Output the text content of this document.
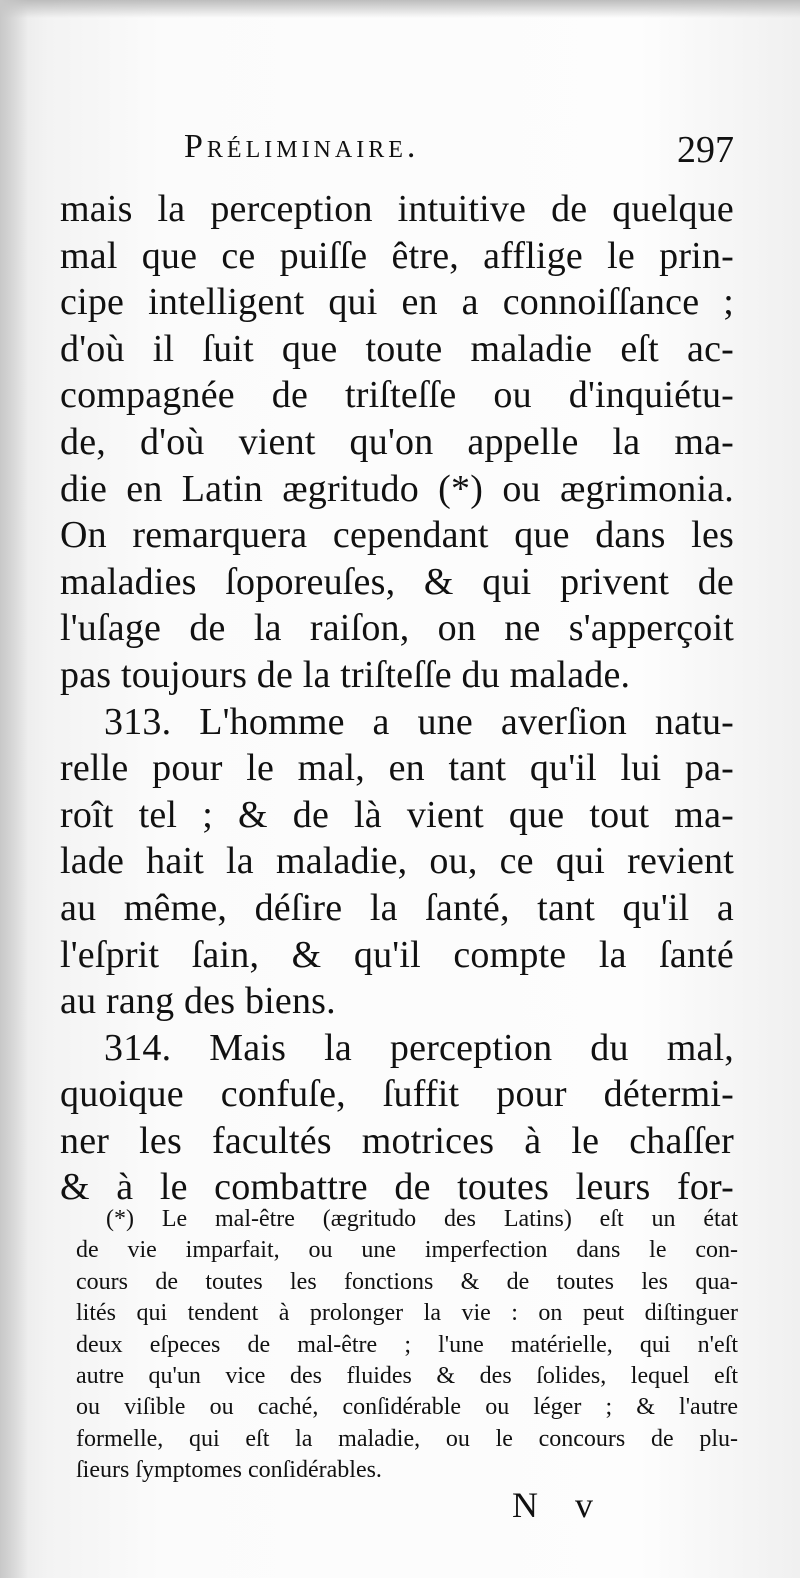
Préliminaire.	297
mais la perception intuitive de quelque
mal que ce puiſſe être, afflige le prin-
cipe intelligent qui en a connoiſſance ;
d'où il ſuit que toute maladie eſt ac-
compagnée de triſteſſe ou d'inquiétu-
de, d'où vient qu'on appelle la ma-
die en Latin ægritudo (*) ou ægrimonia.
On remarquera cependant que dans les
maladies ſoporeuſes, & qui privent de
l'uſage de la raiſon, on ne s'apperçoit
pas toujours de la triſteſſe du malade.
313. L'homme a une averſion natu-
relle pour le mal, en tant qu'il lui pa-
roît tel ; & de là vient que tout ma-
lade hait la maladie, ou, ce qui revient
au même, déſire la ſanté, tant qu'il a
l'eſprit ſain, & qu'il compte la ſanté
au rang des biens.
314. Mais la perception du mal,
quoique confuſe, ſuffit pour détermi-
ner les facultés motrices à le chaſſer
& à le combattre de toutes leurs for-
(*) Le mal-être (ægritudo des Latins) eſt un état
de vie imparfait, ou une imperfection dans le con-
cours de toutes les fonctions & de toutes les qua-
lités qui tendent à prolonger la vie : on peut diſtinguer
deux eſpeces de mal-être ; l'une matérielle, qui n'eſt
autre qu'un vice des fluides & des ſolides, lequel eſt
ou viſible ou caché, conſidérable ou léger ; & l'autre
formelle, qui eſt la maladie, ou le concours de plu-
ſieurs ſymptomes conſidérables.
N v
